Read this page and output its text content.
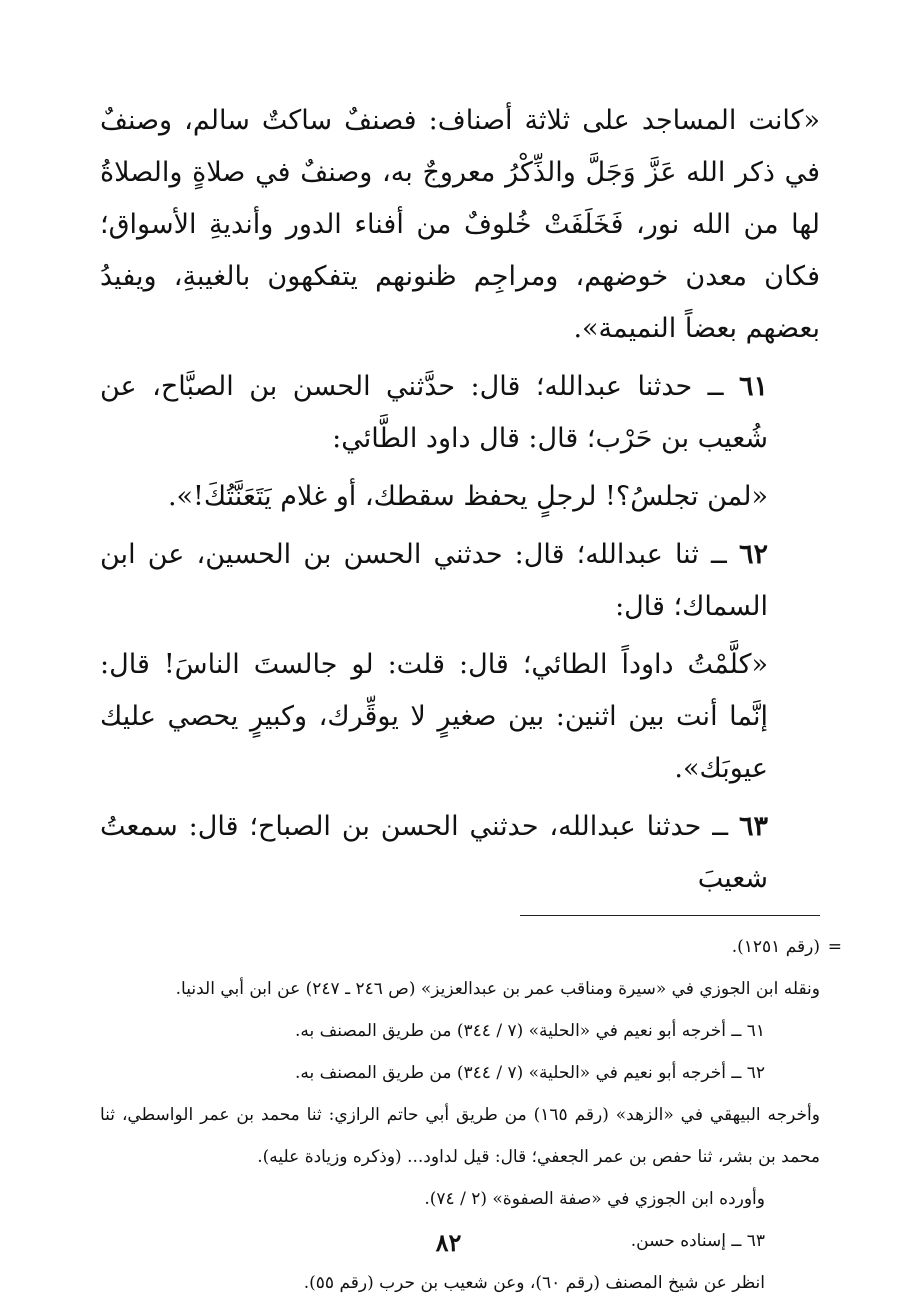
«كانت المساجد على ثلاثة أصناف: فصنفٌ ساكتٌ سالم، وصنفٌ في ذكر الله عَزَّ وَجَلَّ والذِّكْرُ معروجٌ به، وصنفٌ في صلاةٍ والصلاةُ لها من الله نور، فَخَلَفَتْ خُلوفٌ من أفناء الدور وأنديةِ الأسواق؛ فكان معدن خوضهم، ومراجِم ظنونهم يتفكهون بالغيبةِ، ويفيدُ بعضهم بعضاً النميمة».

٦١ ــ حدثنا عبدالله؛ قال: حدَّثني الحسن بن الصبَّاح، عن شُعيب بن حَرْب؛ قال: قال داود الطَّائي:

«لمن تجلسُ؟! لرجلٍ يحفظ سقطك، أو غلام يَتَعَنَّتُكَ!».

٦٢ ــ ثنا عبدالله؛ قال: حدثني الحسن بن الحسين، عن ابن السماك؛ قال:

«كلَّمْتُ داوداً الطائي؛ قال: قلت: لو جالستَ الناسَ! قال: إنَّما أنت بين اثنين: بين صغيرٍ لا يوقِّرك، وكبيرٍ يحصي عليك عيوبَك».

٦٣ ــ حدثنا عبدالله، حدثني الحسن بن الصباح؛ قال: سمعتُ شعيبَ

=

(رقم ١٢٥١).

ونقله ابن الجوزي في «سيرة ومناقب عمر بن عبدالعزيز» (ص ٢٤٦ ـ ٢٤٧) عن ابن أبي الدنيا.

٦١ ــ أخرجه أبو نعيم في «الحلية» (٧ / ٣٤٤) من طريق المصنف به.

٦٢ ــ أخرجه أبو نعيم في «الحلية» (٧ / ٣٤٤) من طريق المصنف به.

وأخرجه البيهقي في «الزهد» (رقم ١٦٥) من طريق أبي حاتم الرازي: ثنا محمد بن عمر الواسطي، ثنا محمد بن بشر، ثنا حفص بن عمر الجعفي؛ قال: قيل لداود... (وذكره وزيادة عليه).

وأورده ابن الجوزي في «صفة الصفوة» (٢ / ٧٤).

٦٣ ــ إسناده حسن.

انظر عن شيخ المصنف (رقم ٦٠)، وعن شعيب بن حرب (رقم ٥٥).

٨٢
